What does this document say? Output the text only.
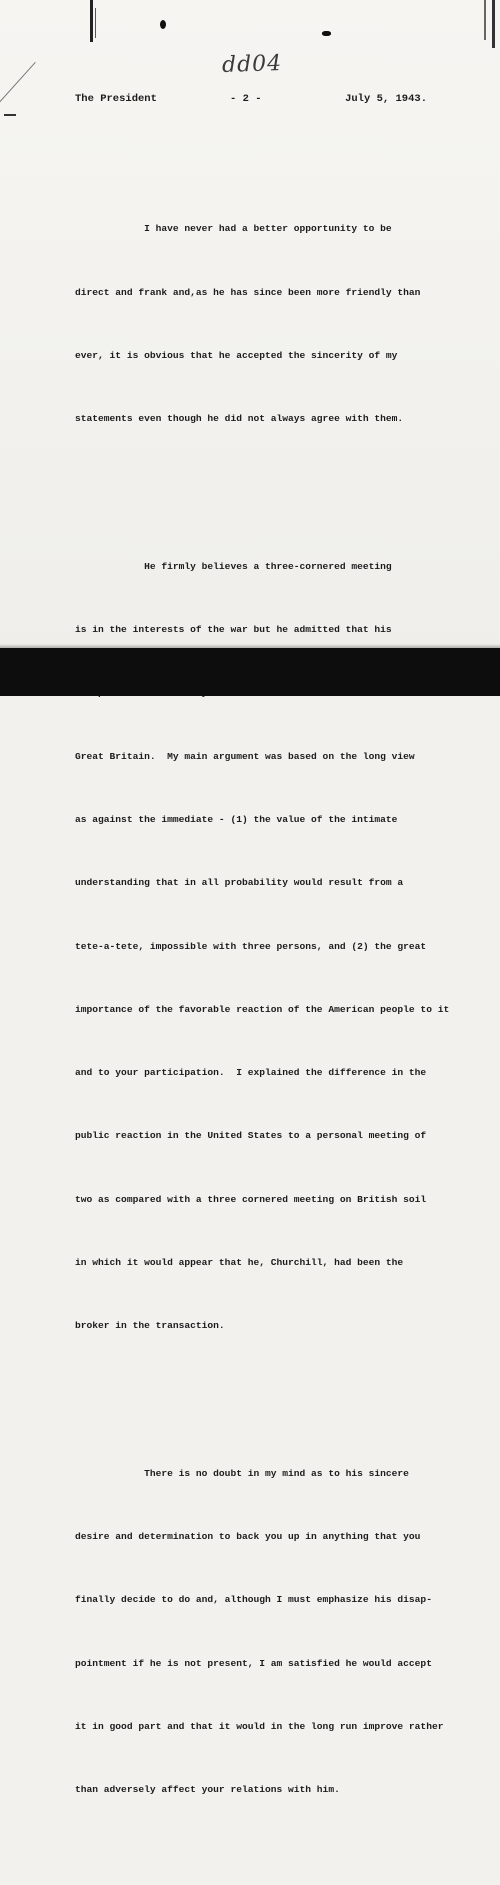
dd04
The President	- 2 -	July 5, 1943.

I have never had a better opportunity to be

direct and frank and,as he has since been more friendly than

ever, it is obvious that he accepted the sincerity of my

statements even though he did not always agree with them.

He firmly believes a three-cornered meeting

is in the interests of the war but he admitted that his

Great Britain.  My main argument was based on the long view

as against the immediate - (1) the value of the intimate

understanding that in all probability would result from a

tete-a-tete, impossible with three persons, and (2) the great

importance of the favorable reaction of the American people to it

and to your participation.  I explained the difference in the

public reaction in the United States to a personal meeting of

two as compared with a three cornered meeting on British soil

in which it would appear that he, Churchill, had been the

broker in the transaction.

There is no doubt in my mind as to his sincere

desire and determination to back you up in anything that you

finally decide to do and, although I must emphasize his disap-

pointment if he is not present, I am satisfied he would accept

it in good part and that it would in the long run improve rather

than adversely affect your relations with him.
